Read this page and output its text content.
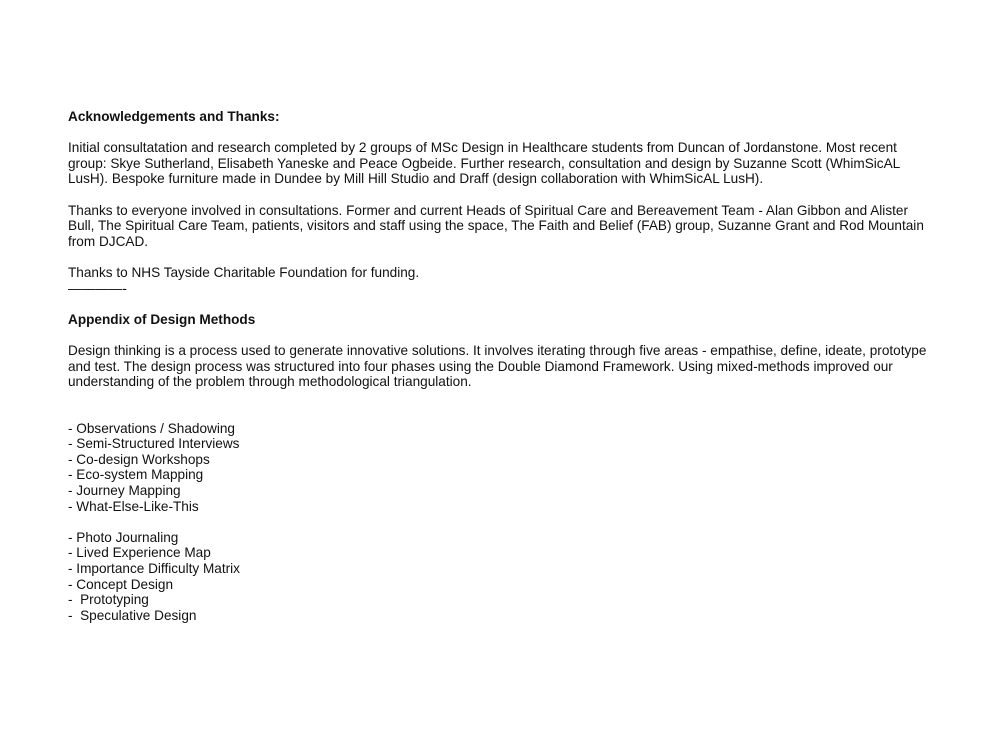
Acknowledgements and Thanks:

Initial consultatation and research completed by 2 groups of MSc Design in Healthcare students from Duncan of Jordanstone. Most recent group: Skye Sutherland, Elisabeth Yaneske and Peace Ogbeide. Further research, consultation and design by Suzanne Scott (WhimSicAL LusH). Bespoke furniture made in Dundee by Mill Hill Studio and Draff (design collaboration with WhimSicAL LusH).

Thanks to everyone involved in consultations. Former and current Heads of Spiritual Care and Bereavement Team - Alan Gibbon and Alister Bull, The Spiritual Care Team, patients, visitors and staff using the space, The Faith and Belief (FAB) group, Suzanne Grant and Rod Mountain from DJCAD.

Thanks to NHS Tayside Charitable Foundation for funding.

————-

Appendix of Design Methods

Design thinking is a process used to generate innovative solutions. It involves iterating through five areas - empathise, define, ideate, prototype and test. The design process was structured into four phases using the Double Diamond Framework. Using mixed-methods improved our understanding of the problem through methodological triangulation.

- Observations / Shadowing
- Semi-Structured Interviews
- Co-design Workshops
- Eco-system Mapping
- Journey Mapping
- What-Else-Like-This
- Photo Journaling
- Lived Experience Map
- Importance Difficulty Matrix
- Concept Design
-  Prototyping
-  Speculative Design
